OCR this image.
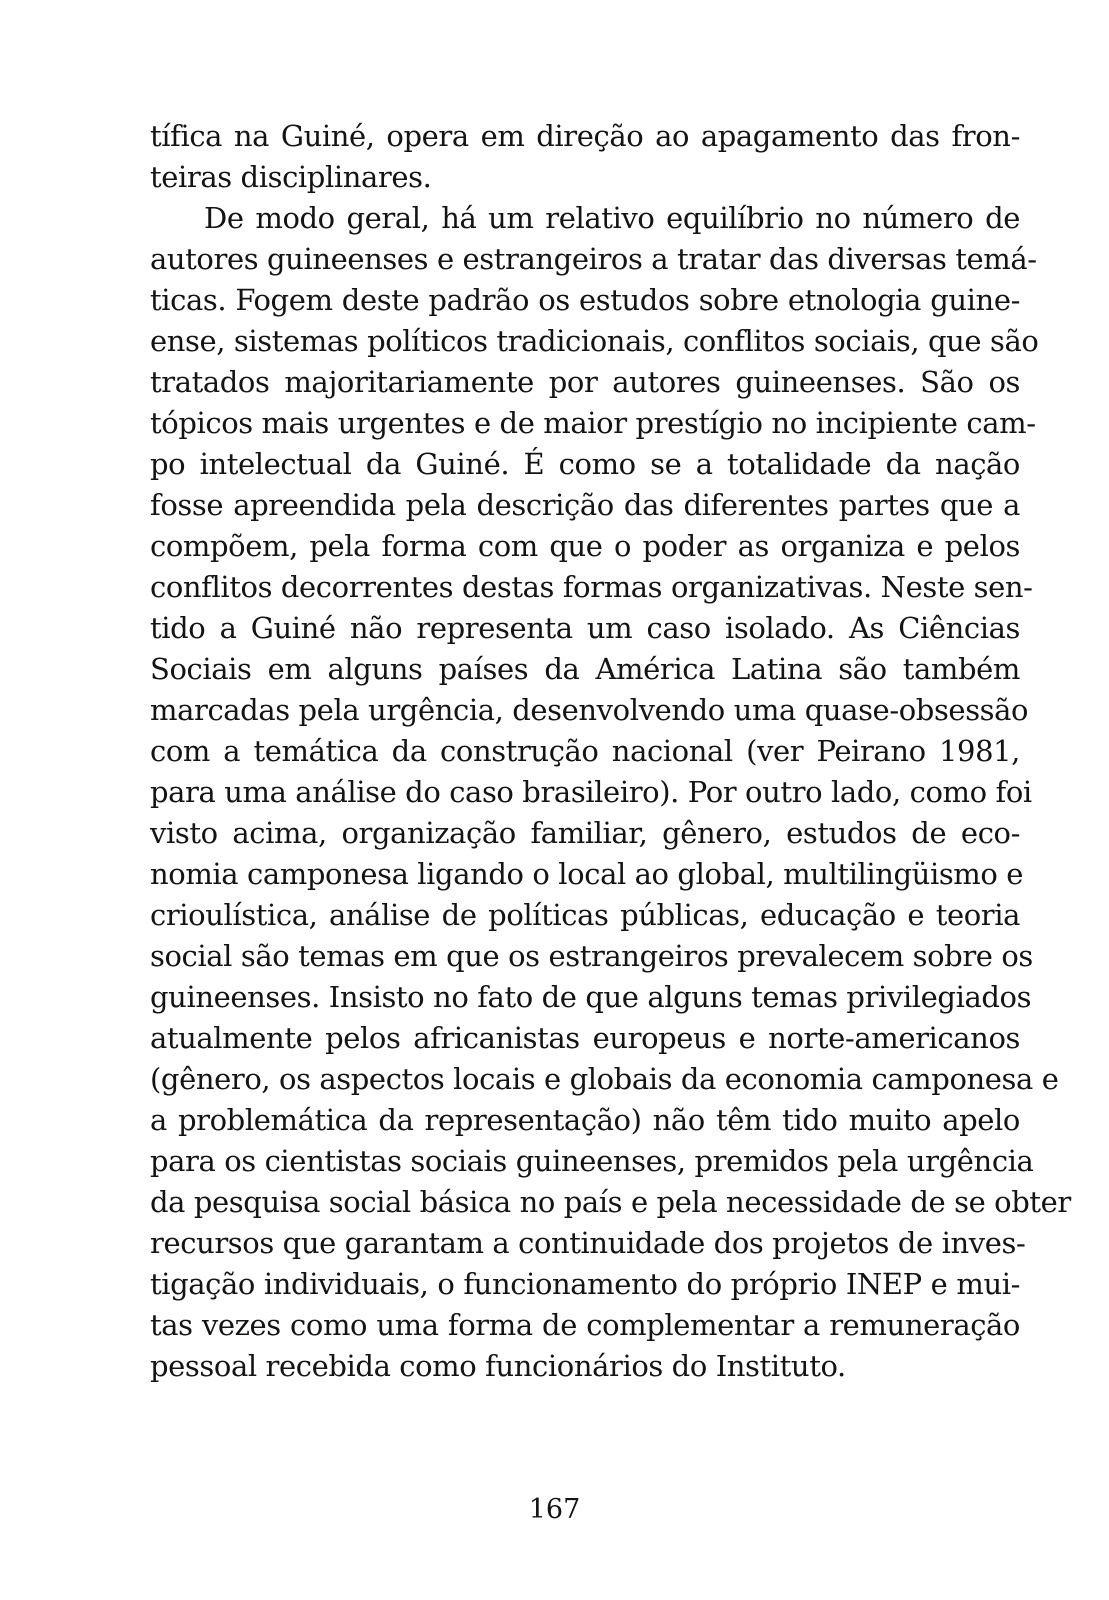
tífica na Guiné, opera em direção ao apagamento das fron-
teiras disciplinares.
De modo geral, há um relativo equilíbrio no número de
autores guineenses e estrangeiros a tratar das diversas temá-
ticas. Fogem deste padrão os estudos sobre etnologia guine-
ense, sistemas políticos tradicionais, conflitos sociais, que são
tratados majoritariamente por autores guineenses. São os
tópicos mais urgentes e de maior prestígio no incipiente cam-
po intelectual da Guiné. É como se a totalidade da nação
fosse apreendida pela descrição das diferentes partes que a
compõem, pela forma com que o poder as organiza e pelos
conflitos decorrentes destas formas organizativas. Neste sen-
tido a Guiné não representa um caso isolado. As Ciências
Sociais em alguns países da América Latina são também
marcadas pela urgência, desenvolvendo uma quase-obsessão
com a temática da construção nacional (ver Peirano 1981,
para uma análise do caso brasileiro). Por outro lado, como foi
visto acima, organização familiar, gênero, estudos de eco-
nomia camponesa ligando o local ao global, multilingüismo e
crioulística, análise de políticas públicas, educação e teoria
social são temas em que os estrangeiros prevalecem sobre os
guineenses. Insisto no fato de que alguns temas privilegiados
atualmente pelos africanistas europeus e norte-americanos
(gênero, os aspectos locais e globais da economia camponesa e
a problemática da representação) não têm tido muito apelo
para os cientistas sociais guineenses, premidos pela urgência
da pesquisa social básica no país e pela necessidade de se obter
recursos que garantam a continuidade dos projetos de inves-
tigação individuais, o funcionamento do próprio INEP e mui-
tas vezes como uma forma de complementar a remuneração
pessoal recebida como funcionários do Instituto.
167
